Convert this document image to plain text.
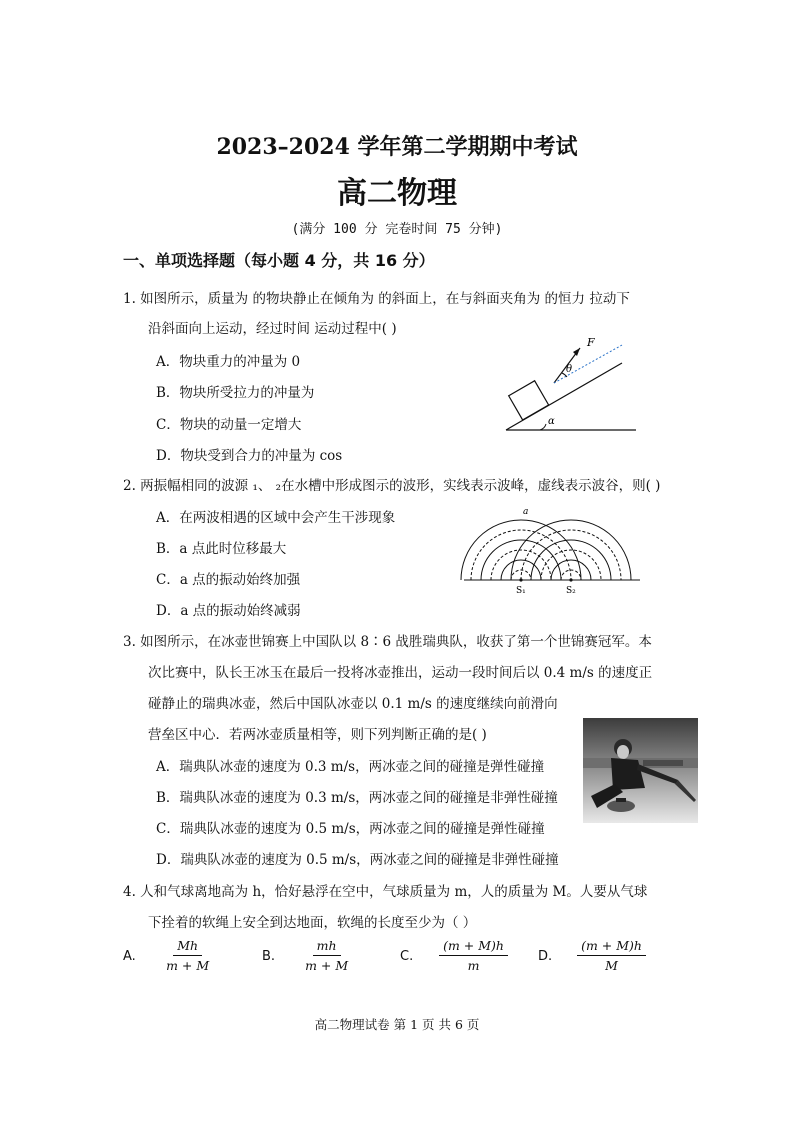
2023–2024 学年第二学期期中考试
高二物理
(满分 100 分 完卷时间 75 分钟)
一、单项选择题（每小题 4 分，共 16 分）
1. 如图所示，质量为 的物块静止在倾角为 的斜面上，在与斜面夹角为 的恒力 拉动下
沿斜面向上运动，经过时间 运动过程中( )
A．物块重力的冲量为 0
B．物块所受拉力的冲量为
C．物块的动量一定增大
D．物块受到合力的冲量为 cos
F
θ
α
2. 两振幅相同的波源 ₁、 ₂在水槽中形成图示的波形，实线表示波峰，虚线表示波谷，则( )
A．在两波相遇的区域中会产生干涉现象
B．a 点此时位移最大
C．a 点的振动始终加强
D．a 点的振动始终减弱
a
S₁	S₂
3. 如图所示，在冰壶世锦赛上中国队以 8∶6 战胜瑞典队，收获了第一个世锦赛冠军。本
次比赛中，队长王冰玉在最后一投将冰壶推出，运动一段时间后以 0.4 m/s 的速度正
碰静止的瑞典冰壶，然后中国队冰壶以 0.1 m/s 的速度继续向前滑向
营垒区中心．若两冰壶质量相等，则下列判断正确的是( )
A．瑞典队冰壶的速度为 0.3 m/s，两冰壶之间的碰撞是弹性碰撞
B．瑞典队冰壶的速度为 0.3 m/s，两冰壶之间的碰撞是非弹性碰撞
C．瑞典队冰壶的速度为 0.5 m/s，两冰壶之间的碰撞是弹性碰撞
D．瑞典队冰壶的速度为 0.5 m/s，两冰壶之间的碰撞是非弹性碰撞
4. 人和气球离地高为 h，恰好悬浮在空中，气球质量为 m，人的质量为 M。人要从气球
下拴着的软绳上安全到达地面，软绳的长度至少为（ ）
A. $\frac{Mh}{m + M}$	B. $\frac{mh}{m + M}$	C. $\frac{(m + M)h}{m} D$. $\frac{(m + M)h}{M}$
高二物理试卷 第 1 页 共 6 页
